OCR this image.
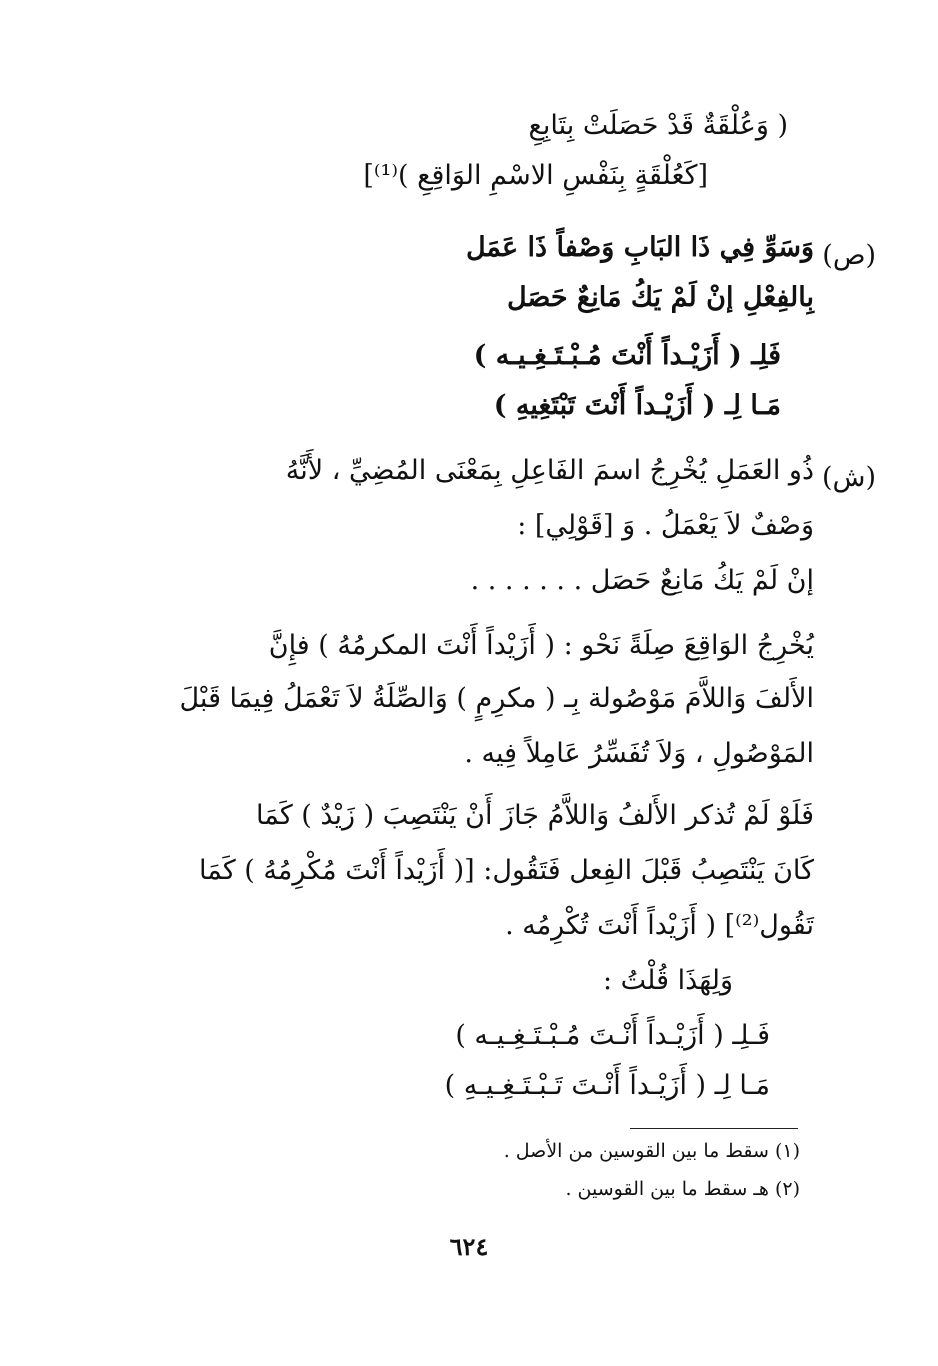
( وَعُلْقَةٌ قَدْ حَصَلَتْ بِتَابِعِ
[كَعُلْقَةٍ بِنَفْسِ الاسْمِ الوَاقِعِ )⁽¹⁾]
(ص)
وَسَوِّ فِي ذَا البَابِ وَصْفاً ذَا عَمَل
بِالفِعْلِ إنْ لَمْ يَكُ مَانِعٌ حَصَل
فَلِـ ( أَزَيْـداً أَنْتَ مُـبْـتَـغِـيـه )
مَـا لِـ ( أَزَيْـداً أَنْتَ تَبْتَغِيهِ )
(ش)
ذُو العَمَلِ يُخْرِجُ اسمَ الفَاعِلِ بِمَعْنَى المُضِيِّ ، لأَنَّهُ
وَصْفٌ لاَ يَعْمَلُ . وَ [قَوْلِي] :
إنْ لَمْ يَكُ مَانِعٌ حَصَل . . . . . . .
يُخْرِجُ الوَاقِعَ صِلَةً نَحْو : ( أَزَيْداً أَنْتَ المكرمُهُ ) فإِنَّ
الأَلفَ وَاللاَّمَ مَوْصُولة بِـ ( مكرِمٍ ) وَالصِّلَةُ لاَ تَعْمَلُ فِيمَا قَبْلَ
المَوْصُولِ ، وَلاَ تُفَسِّرُ عَامِلاً فِيه .
فَلَوْ لَمْ تُذكر الأَلفُ وَاللاَّمُ جَازَ أَنْ يَنْتَصِبَ ( زَيْدٌ ) كَمَا
كَانَ يَنْتَصِبُ قَبْلَ الفِعل فَتَقُول: [( أَزَيْداً أَنْتَ مُكْرِمُهُ ) كَمَا
تَقُول⁽²⁾] ( أَزَيْداً أَنْتَ تُكْرِمُه .
وَلِهَذَا قُلْتُ :
فَـلِـ ( أَزَيْـداً أَنْـتَ مُـبْـتَـغِـيـه )
مَـا لِـ ( أَزَيْـداً أَنْـتَ تَـبْـتَـغِـيـهِ )
(١) سقط ما بين القوسين من الأصل .
(٢) هـ سقط ما بين القوسين .
٦٢٤
